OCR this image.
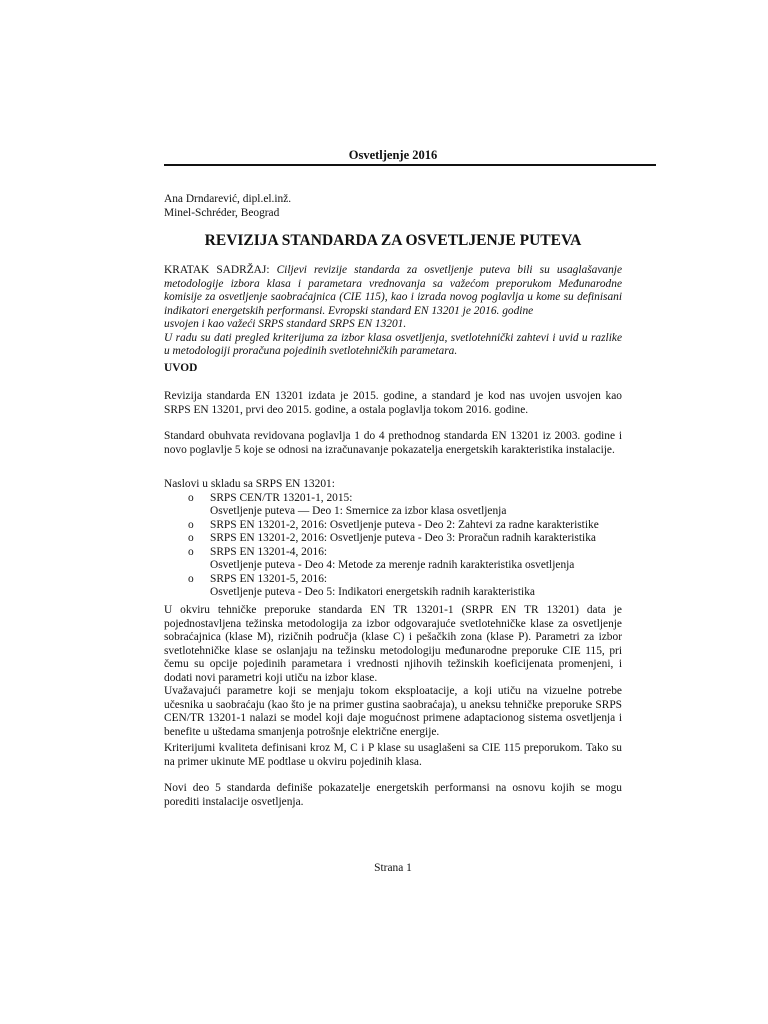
Osvetljenje 2016
Ana Drndarević, dipl.el.inž.
Minel-Schréder, Beograd
REVIZIJA STANDARDA ZA OSVETLJENJE PUTEVA
KRATAK SADRŽAJ: Ciljevi revizije standarda za osvetljenje puteva bili su usaglašavanje metodologije izbora klasa i parametara vrednovanja sa važećom preporukom Međunarodne komisije za osvetljenje saobraćajnica (CIE 115), kao i izrada novog poglavlja u kome su definisani indikatori energetskih performansi. Evropski standard EN 13201 je 2016. godine
usvojen i kao važeći SRPS standard SRPS EN 13201.
U radu su dati pregled kriterijuma za izbor klasa osvetljenja, svetlotehnički zahtevi i uvid u razlike u metodologiji proračuna pojedinih svetlotehničkih parametara.
UVOD

Revizija standarda EN 13201 izdata je 2015. godine, a standard je kod nas uvojen usvojen kao SRPS EN 13201, prvi deo 2015. godine, a ostala poglavlja tokom 2016. godine.

Standard obuhvata revidovana poglavlja 1 do 4 prethodnog standarda EN 13201 iz 2003. godine i novo poglavlje 5 koje se odnosi na izračunavanje pokazatelja energetskih karakteristika instalacije.

Naslovi u skladu sa SRPS EN 13201:
o SRPS CEN/TR 13201-1, 2015:
Osvetljenje puteva — Deo 1: Smernice za izbor klasa osvetljenja
o SRPS EN 13201-2, 2016: Osvetljenje puteva - Deo 2: Zahtevi za radne karakteristike
o SRPS EN 13201-2, 2016: Osvetljenje puteva - Deo 3: Proračun radnih karakteristika
o SRPS EN 13201-4, 2016:
Osvetljenje puteva - Deo 4: Metode za merenje radnih karakteristika osvetljenja
o SRPS EN 13201-5, 2016:
Osvetljenje puteva - Deo 5: Indikatori energetskih radnih karakteristika

U okviru tehničke preporuke standarda EN TR 13201-1 (SRPR EN TR 13201) data je pojednostavljena težinska metodologija za izbor odgovarajuće svetlotehničke klase za osvetljenje sobraćajnica (klase M), rizičnih područja (klase C) i pešačkih zona (klase P). Parametri za izbor svetlotehničke klase se oslanjaju na težinsku metodologiju međunarodne preporuke CIE 115, pri čemu su opcije pojedinih parametara i vrednosti njihovih težinskih koeficijenata promenjeni, i dodati novi parametri koji utiču na izbor klase.

Uvažavajući parametre koji se menjaju tokom eksploatacije, a koji utiču na vizuelne potrebe učesnika u saobraćaju (kao što je na primer gustina saobraćaja), u aneksu tehničke preporuke SRPS CEN/TR 13201-1 nalazi se model koji daje mogućnost primene adaptacionog sistema osvetljenja i benefite u uštedama smanjenja potrošnje električne energije.

Kriterijumi kvaliteta definisani kroz M, C i P klase su usaglašeni sa CIE 115 preporukom. Tako su na primer ukinute ME podtlase u okviru pojedinih klasa.

Novi deo 5 standarda definiše pokazatelje energetskih performansi na osnovu kojih se mogu porediti instalacije osvetljenja.

Strana 1
